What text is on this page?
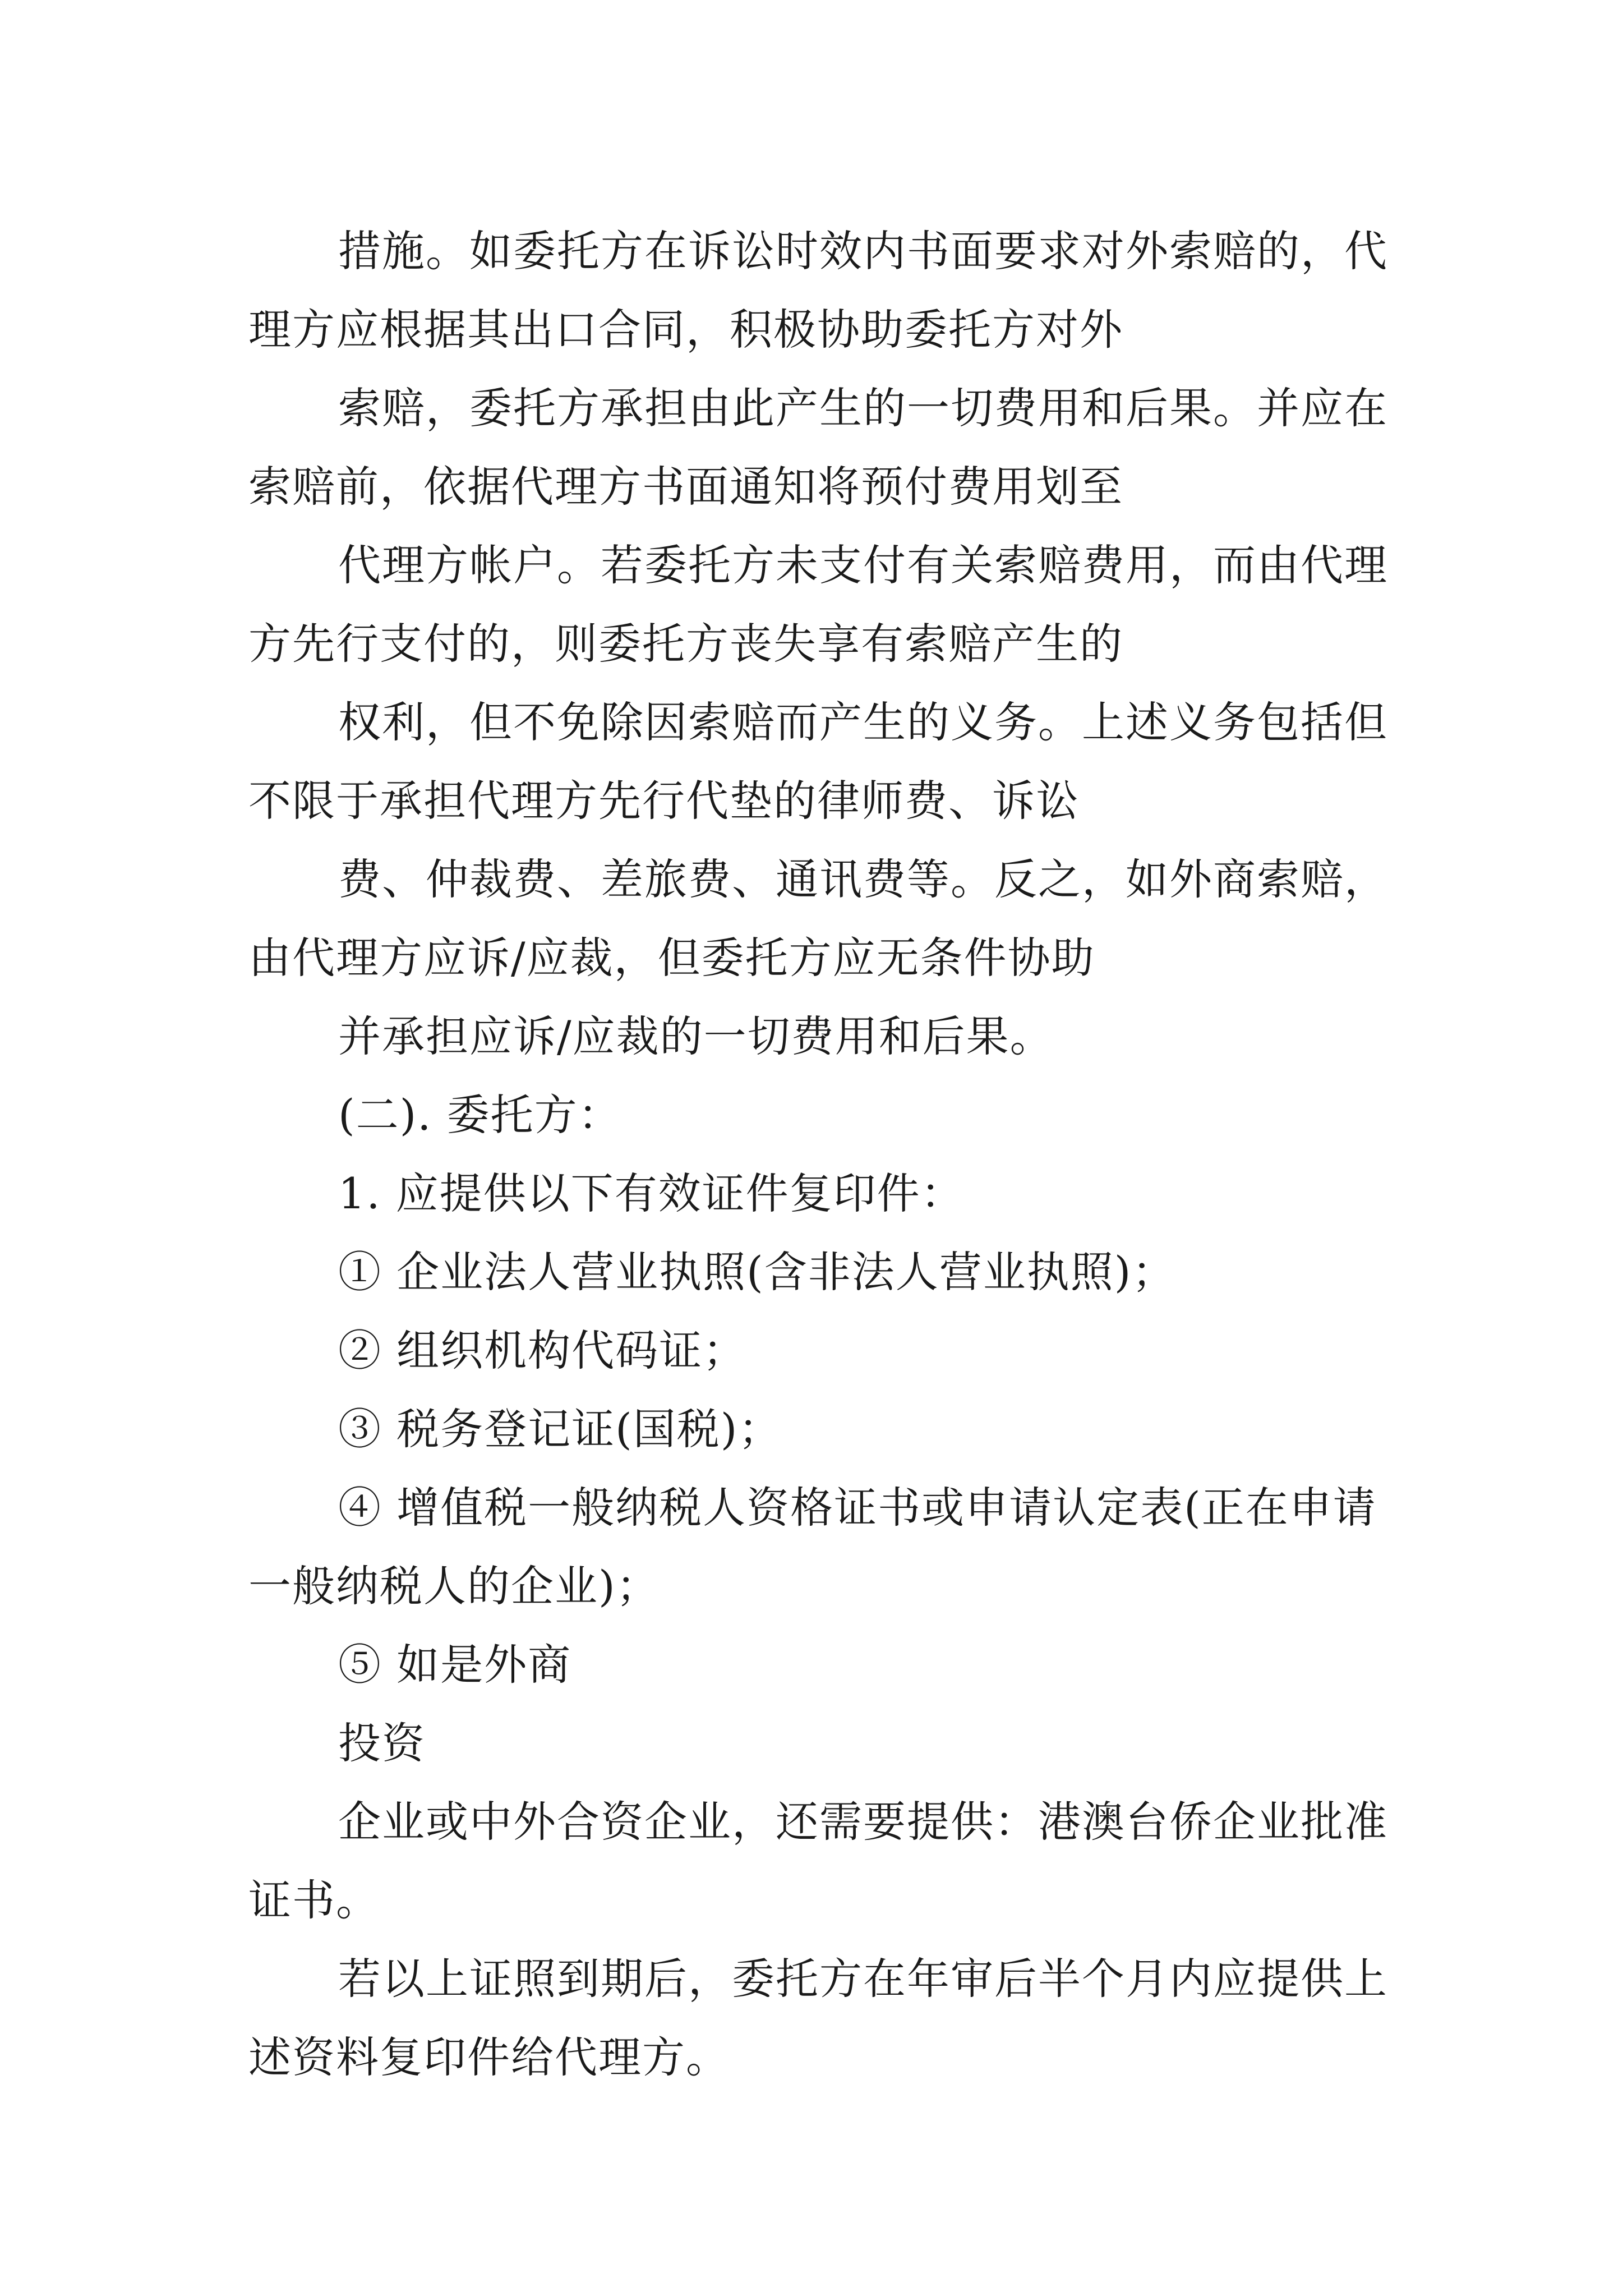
措施。如委托方在诉讼时效内书面要求对外索赔的，代

理方应根据其出口合同，积极协助委托方对外

索赔，委托方承担由此产生的一切费用和后果。并应在

索赔前，依据代理方书面通知将预付费用划至

代理方帐户。若委托方未支付有关索赔费用，而由代理

方先行支付的，则委托方丧失享有索赔产生的

权利，但不免除因索赔而产生的义务。上述义务包括但

不限于承担代理方先行代垫的律师费、诉讼

费、仲裁费、差旅费、通讯费等。反之，如外商索赔，

由代理方应诉/应裁，但委托方应无条件协助

并承担应诉/应裁的一切费用和后果。

(二). 委托方：

1. 应提供以下有效证件复印件：

① 企业法人营业执照(含非法人营业执照)；

② 组织机构代码证；

③ 税务登记证(国税)；

④ 增值税一般纳税人资格证书或申请认定表(正在申请

一般纳税人的企业)；

⑤ 如是外商

投资

企业或中外合资企业，还需要提供：港澳台侨企业批准

证书。

若以上证照到期后，委托方在年审后半个月内应提供上

述资料复印件给代理方。
